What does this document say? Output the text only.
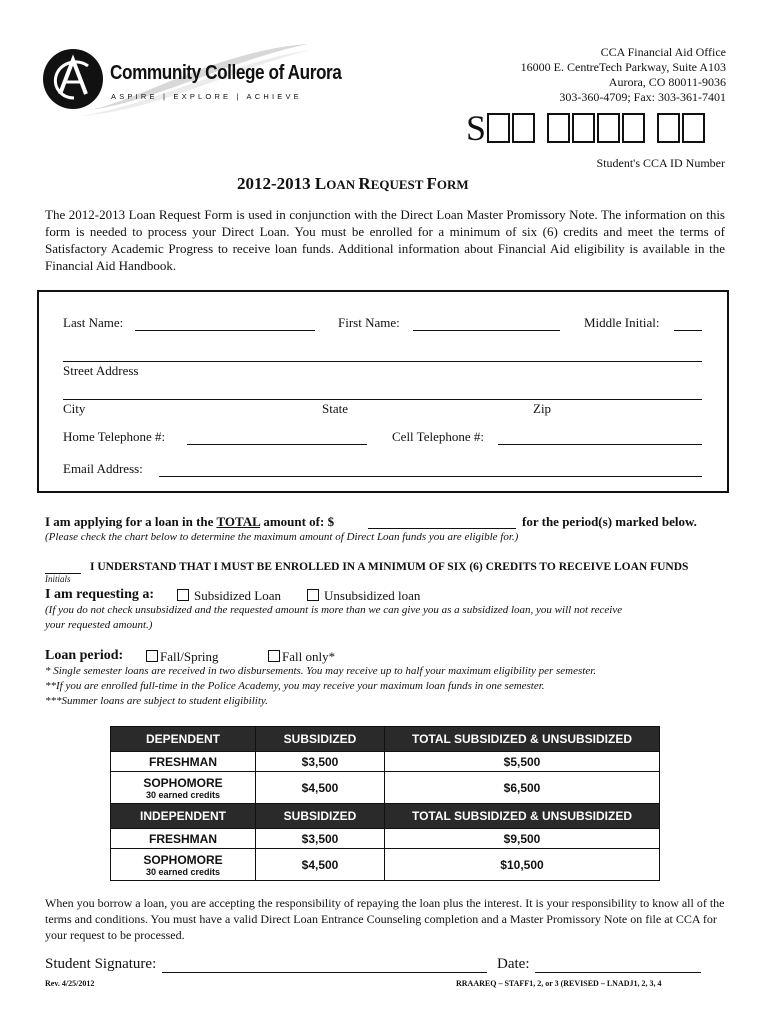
Community College of Aurora
ASPIRE | EXPLORE | ACHIEVE
CCA Financial Aid Office
16000 E. CentreTech Parkway, Suite A103
Aurora, CO 80011-9036
303-360-4709; Fax: 303-361-7401
S
Student's CCA ID Number
2012-2013 LOAN REQUEST FORM
The 2012-2013 Loan Request Form is used in conjunction with the Direct Loan Master Promissory Note. The information on this form is needed to process your Direct Loan. You must be enrolled for a minimum of six (6) credits and meet the terms of Satisfactory Academic Progress to receive loan funds. Additional information about Financial Aid eligibility is available in the Financial Aid Handbook.
Last Name:	First Name:	Middle Initial:
Street Address
City	State	Zip
Home Telephone #:	Cell Telephone #:
Email Address:
I am applying for a loan in the TOTAL amount of: $	for the period(s) marked below.
(Please check the chart below to determine the maximum amount of Direct Loan funds you are eligible for.)
I UNDERSTAND THAT I MUST BE ENROLLED IN A MINIMUM OF SIX (6) CREDITS TO RECEIVE LOAN FUNDS
Initials
I am requesting a:	Subsidized Loan	Unsubsidized loan
(If you do not check unsubsidized and the requested amount is more than we can give you as a subsidized loan, you will not receive
your requested amount.)
Loan period:	Fall/Spring	Fall only*
* Single semester loans are received in two disbursements. You may receive up to half your maximum eligibility per semester.
**If you are enrolled full-time in the Police Academy, you may receive your maximum loan funds in one semester.
***Summer loans are subject to student eligibility.
DEPENDENT	SUBSIDIZED	TOTAL SUBSIDIZED & UNSUBSIDIZED
FRESHMAN	$3,500	$5,500

SOPHOMORE
30 earned credits	$4,500	$6,500
INDEPENDENT	SUBSIDIZED	TOTAL SUBSIDIZED & UNSUBSIDIZED
FRESHMAN	$3,500	$9,500

SOPHOMORE
30 earned credits	$4,500	$10,500
When you borrow a loan, you are accepting the responsibility of repaying the loan plus the interest. It is your responsibility to know all of the terms and conditions. You must have a valid Direct Loan Entrance Counseling completion and a Master Promissory Note on file at CCA for your request to be processed.
Student Signature:	Date:
Rev. 4/25/2012	RRAAREQ – STAFF1, 2, or 3 (REVISED – LNADJ1, 2, 3, 4
